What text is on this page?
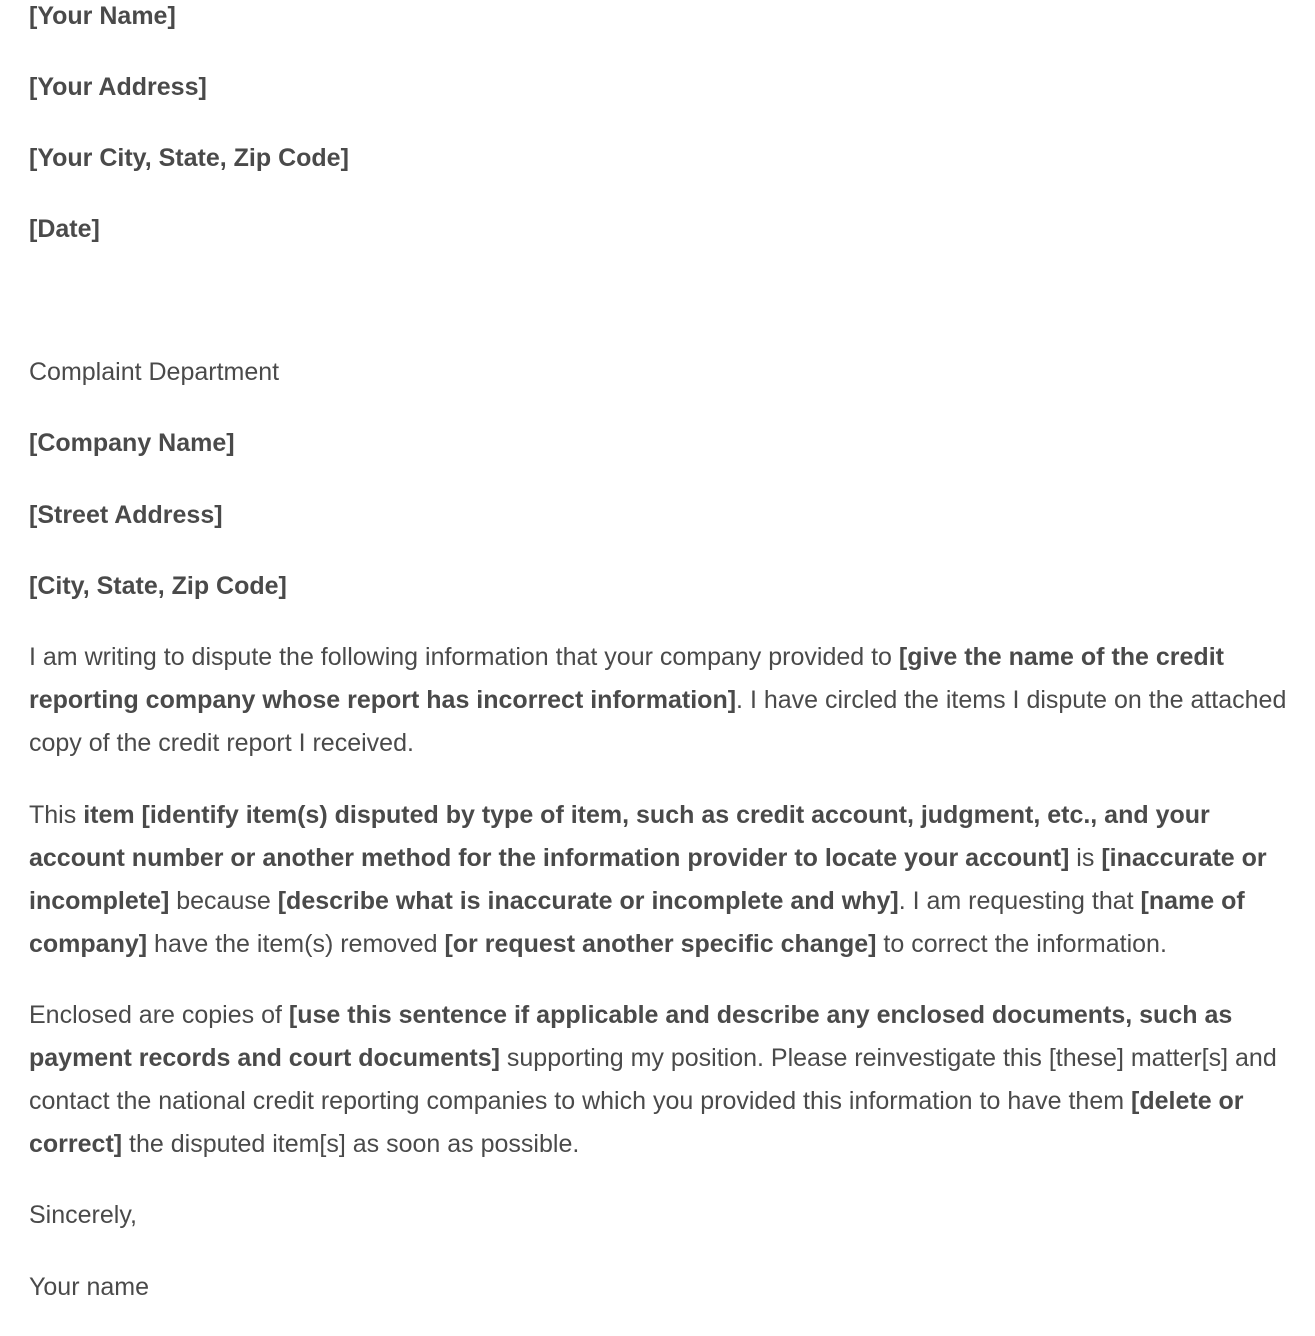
[Your Name]

[Your Address]

[Your City, State, Zip Code]

[Date]

Complaint Department

[Company Name]

[Street Address]

[City, State, Zip Code]

I am writing to dispute the following information that your company provided to [give the name of the credit reporting company whose report has incorrect information]. I have circled the items I dispute on the attached copy of the credit report I received.

This item [identify item(s) disputed by type of item, such as credit account, judgment, etc., and your account number or another method for the information provider to locate your account] is [inaccurate or incomplete] because [describe what is inaccurate or incomplete and why]. I am requesting that [name of company] have the item(s) removed [or request another specific change] to correct the information.

Enclosed are copies of [use this sentence if applicable and describe any enclosed documents, such as payment records and court documents] supporting my position. Please reinvestigate this [these] matter[s] and contact the national credit reporting companies to which you provided this information to have them [delete or correct] the disputed item[s] as soon as possible.

Sincerely,

Your name
